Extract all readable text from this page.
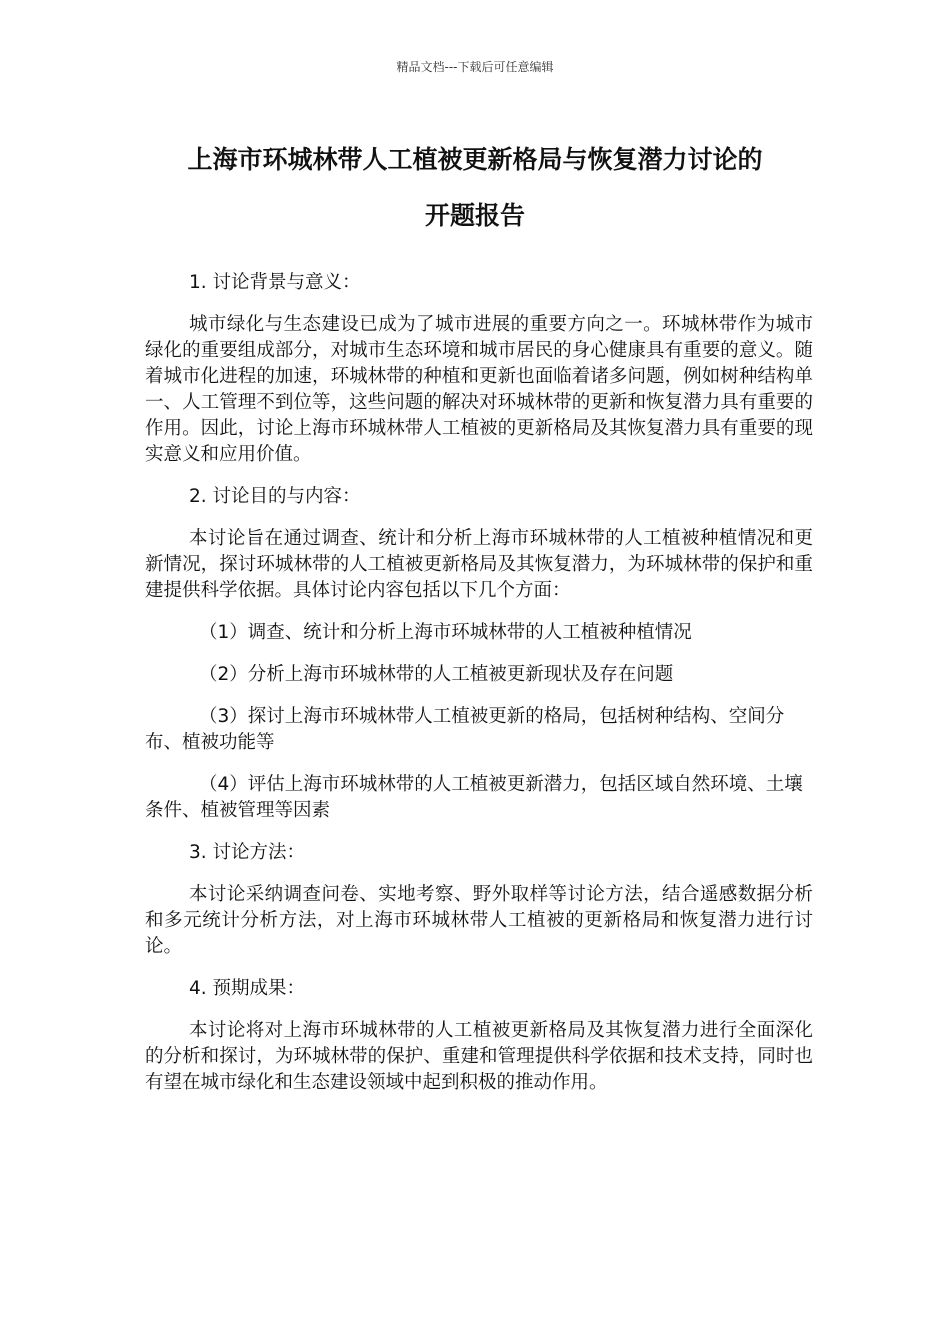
精品文档---下载后可任意编辑
上海市环城林带人工植被更新格局与恢复潜力讨论的
开题报告

1. 讨论背景与意义：

城市绿化与生态建设已成为了城市进展的重要方向之一。环城林带作为城市绿化的重要组成部分，对城市生态环境和城市居民的身心健康具有重要的意义。随着城市化进程的加速，环城林带的种植和更新也面临着诸多问题，例如树种结构单一、人工管理不到位等，这些问题的解决对环城林带的更新和恢复潜力具有重要的作用。因此，讨论上海市环城林带人工植被的更新格局及其恢复潜力具有重要的现实意义和应用价值。

2. 讨论目的与内容：

本讨论旨在通过调查、统计和分析上海市环城林带的人工植被种植情况和更新情况，探讨环城林带的人工植被更新格局及其恢复潜力，为环城林带的保护和重建提供科学依据。具体讨论内容包括以下几个方面：

（1）调查、统计和分析上海市环城林带的人工植被种植情况

（2）分析上海市环城林带的人工植被更新现状及存在问题

（3）探讨上海市环城林带人工植被更新的格局，包括树种结构、空间分布、植被功能等

（4）评估上海市环城林带的人工植被更新潜力，包括区域自然环境、土壤条件、植被管理等因素

3. 讨论方法：

本讨论采纳调查问卷、实地考察、野外取样等讨论方法，结合遥感数据分析和多元统计分析方法，对上海市环城林带人工植被的更新格局和恢复潜力进行讨论。

4. 预期成果：

本讨论将对上海市环城林带的人工植被更新格局及其恢复潜力进行全面深化的分析和探讨，为环城林带的保护、重建和管理提供科学依据和技术支持，同时也有望在城市绿化和生态建设领域中起到积极的推动作用。
